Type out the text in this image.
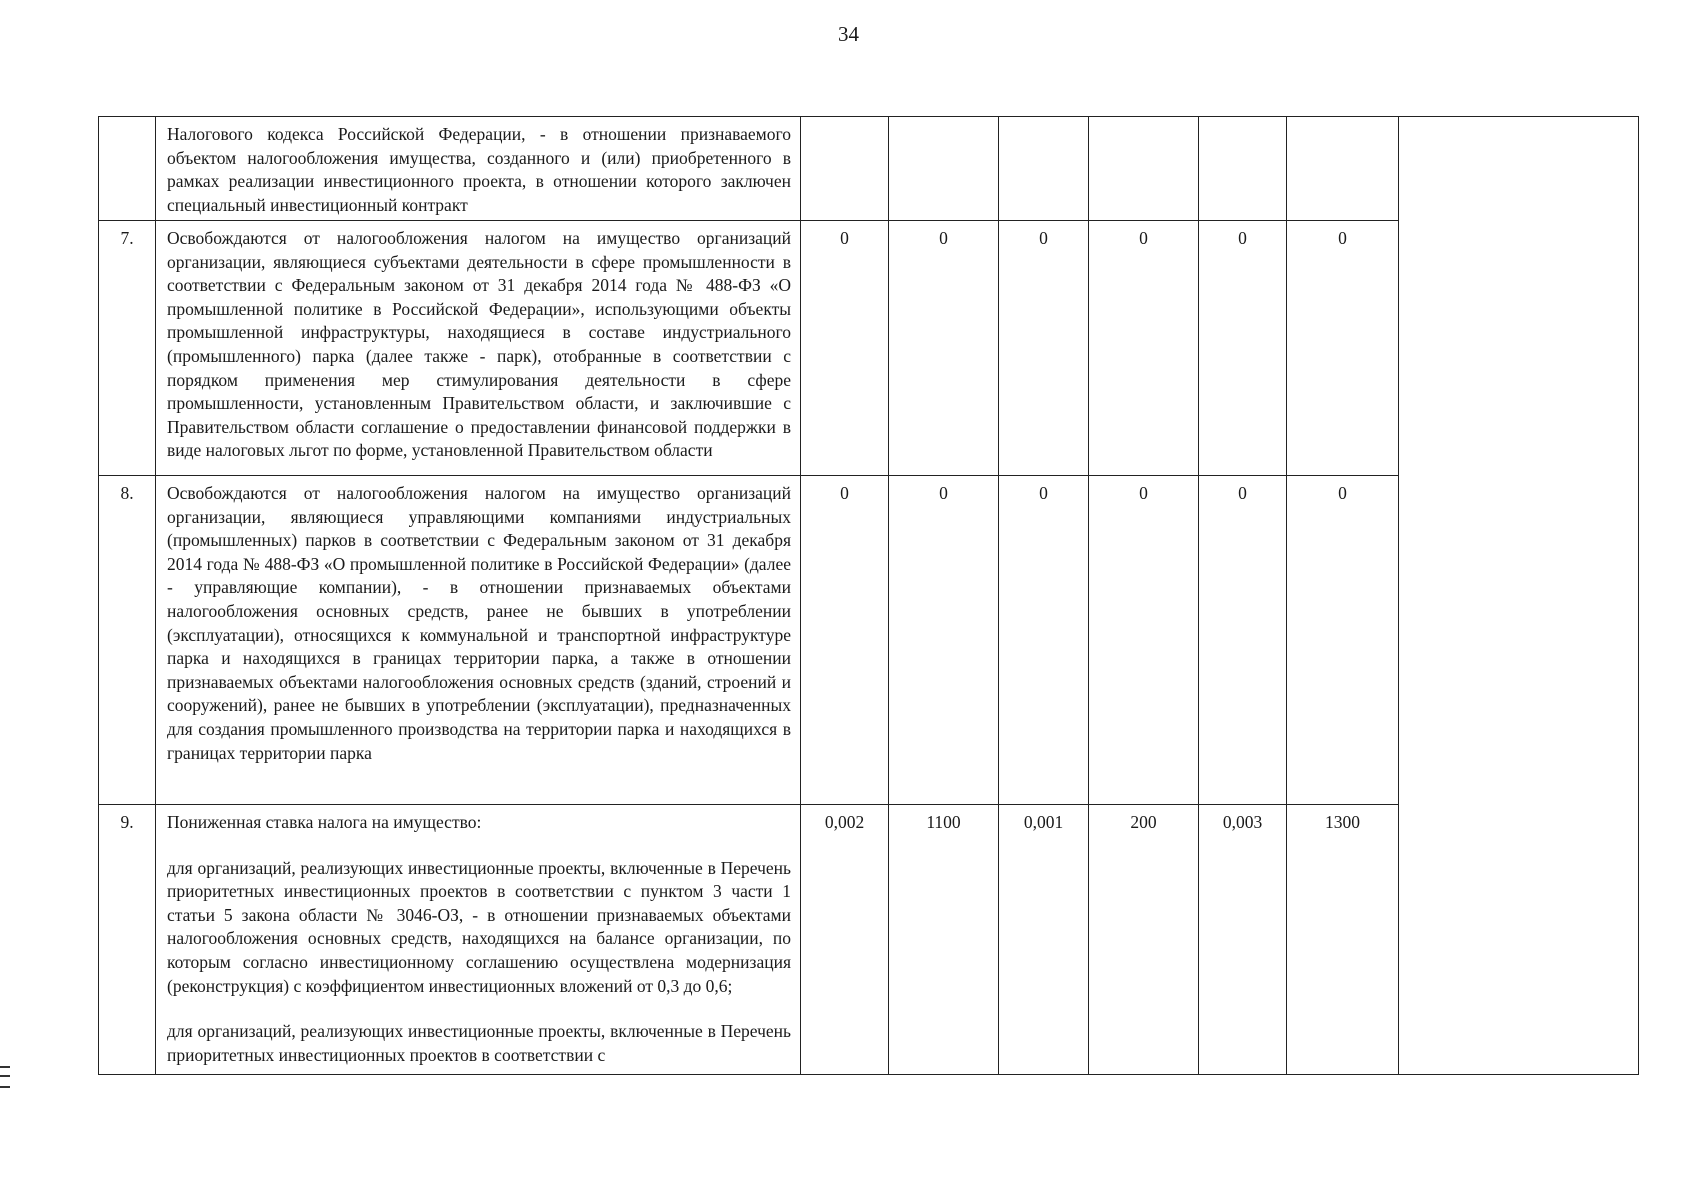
34

	Налогового кодекса Российской Федерации, - в отношении признаваемого объектом налогообложения имущества, созданного и (или) приобретенного в рамках реализации инвестиционного проекта, в отношении которого заключен специальный инвестиционный контракт							

7.	Освобождаются от налогообложения налогом на имущество организаций организации, являющиеся субъектами деятельности в сфере промышленности в соответствии с Федеральным законом от 31 декабря 2014 года № 488-ФЗ «О промышленной политике в Российской Федерации», использующими объекты промышленной инфраструктуры, находящиеся в составе индустриального (промышленного) парка (далее также - парк), отобранные в соответствии с порядком применения мер стимулирования деятельности в сфере промышленности, установленным Правительством области, и заключившие с Правительством области соглашение о предоставлении финансовой поддержки в виде налоговых льгот по форме, установленной Правительством области	0	0	0	0	0	0	
8.	Освобождаются от налогообложения налогом на имущество организаций организации, являющиеся управляющими компаниями индустриальных (промышленных) парков в соответствии с Федеральным законом от 31 декабря 2014 года № 488-ФЗ «О промышленной политике в Российской Федерации» (далее - управляющие компании), - в отношении признаваемых объектами налогообложения основных средств, ранее не бывших в употреблении (эксплуатации), относящихся к коммунальной и транспортной инфраструктуре парка и находящихся в границах территории парка, а также в отношении признаваемых объектами налогообложения основных средств (зданий, строений и сооружений), ранее не бывших в употреблении (эксплуатации), предназначенных для создания промышленного производства на территории парка и находящихся в границах территории парка	0	0	0	0	0	0	
9.	Пониженная ставка налога на имущество:

для организаций, реализующих инвестиционные проекты, включенные в Перечень приоритетных инвестиционных проектов в соответствии с пунктом 3 части 1 статьи 5 закона области № 3046-ОЗ, - в отношении признаваемых объектами налогообложения основных средств, находящихся на балансе организации, по которым согласно инвестиционному соглашению осуществлена модернизация (реконструкция) с коэффициентом инвестиционных вложений от 0,3 до 0,6;

для организаций, реализующих инвестиционные проекты, включенные в Перечень приоритетных инвестиционных проектов в соответствии с	0,002	1100	0,001	200	0,003	1300	
